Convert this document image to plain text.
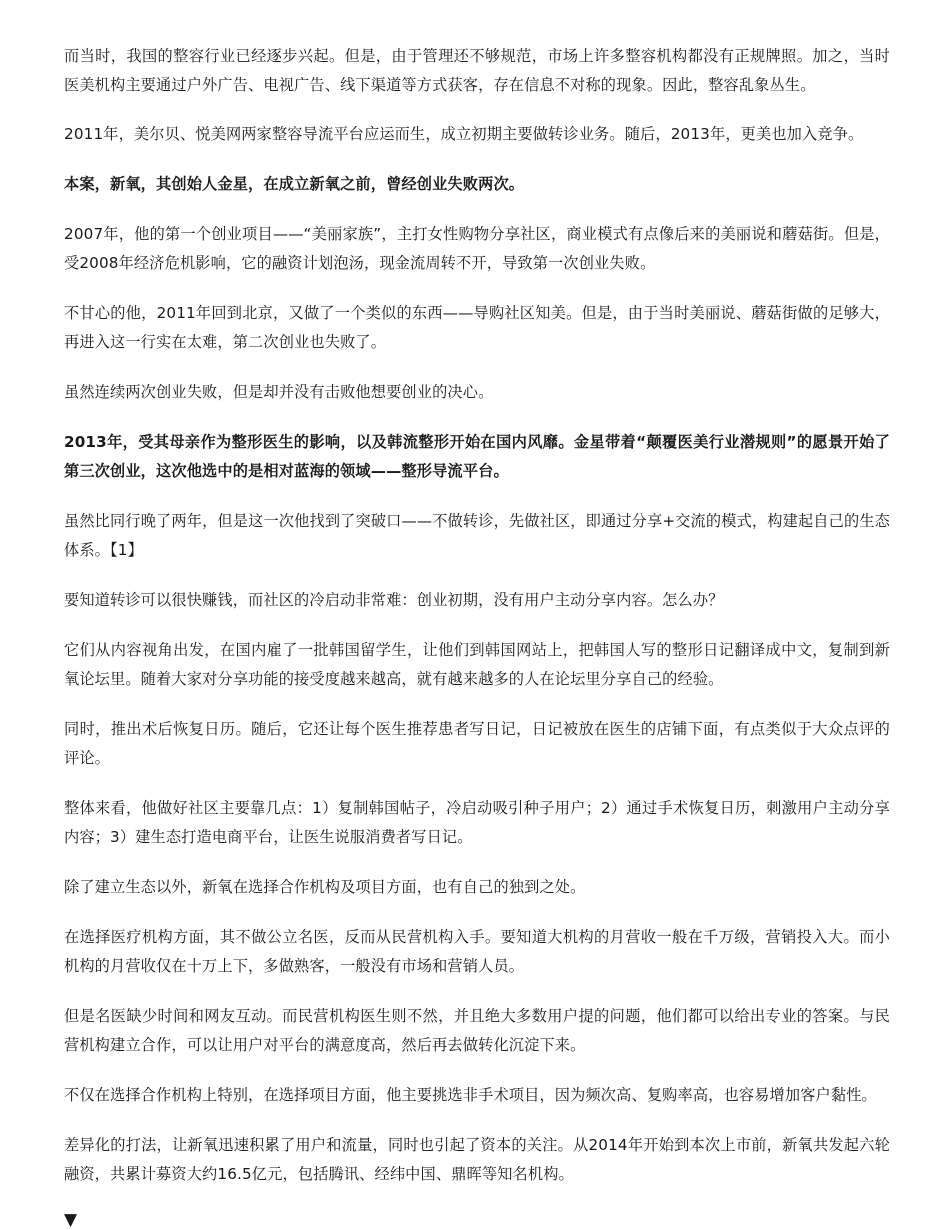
而当时，我国的整容行业已经逐步兴起。但是，由于管理还不够规范，市场上许多整容机构都没有正规牌照。加之，当时医美机构主要通过户外广告、电视广告、线下渠道等方式获客，存在信息不对称的现象。因此，整容乱象丛生。

2011年，美尔贝、悦美网两家整容导流平台应运而生，成立初期主要做转诊业务。随后，2013年，更美也加入竞争。

本案，新氧，其创始人金星，在成立新氧之前，曾经创业失败两次。

2007年，他的第一个创业项目——“美丽家族”，主打女性购物分享社区，商业模式有点像后来的美丽说和蘑菇街。但是，受2008年经济危机影响，它的融资计划泡汤，现金流周转不开，导致第一次创业失败。

不甘心的他，2011年回到北京，又做了一个类似的东西——导购社区知美。但是，由于当时美丽说、蘑菇街做的足够大，再进入这一行实在太难，第二次创业也失败了。

虽然连续两次创业失败，但是却并没有击败他想要创业的决心。

2013年，受其母亲作为整形医生的影响，以及韩流整形开始在国内风靡。金星带着“颠覆医美行业潜规则”的愿景开始了第三次创业，这次他选中的是相对蓝海的领域——整形导流平台。

虽然比同行晚了两年，但是这一次他找到了突破口——不做转诊，先做社区，即通过分享+交流的模式，构建起自己的生态体系。【1】

要知道转诊可以很快赚钱，而社区的冷启动非常难：创业初期，没有用户主动分享内容。怎么办？

它们从内容视角出发，在国内雇了一批韩国留学生，让他们到韩国网站上，把韩国人写的整形日记翻译成中文，复制到新氧论坛里。随着大家对分享功能的接受度越来越高，就有越来越多的人在论坛里分享自己的经验。

同时，推出术后恢复日历。随后，它还让每个医生推荐患者写日记，日记被放在医生的店铺下面，有点类似于大众点评的评论。

整体来看，他做好社区主要靠几点：1）复制韩国帖子，冷启动吸引种子用户；2）通过手术恢复日历，刺激用户主动分享内容；3）建生态打造电商平台，让医生说服消费者写日记。

除了建立生态以外，新氧在选择合作机构及项目方面，也有自己的独到之处。

在选择医疗机构方面，其不做公立名医，反而从民营机构入手。要知道大机构的月营收一般在千万级，营销投入大。而小机构的月营收仅在十万上下，多做熟客，一般没有市场和营销人员。

但是名医缺少时间和网友互动。而民营机构医生则不然，并且绝大多数用户提的问题，他们都可以给出专业的答案。与民营机构建立合作，可以让用户对平台的满意度高，然后再去做转化沉淀下来。

不仅在选择合作机构上特别，在选择项目方面，他主要挑选非手术项目，因为频次高、复购率高，也容易增加客户黏性。

差异化的打法，让新氧迅速积累了用户和流量，同时也引起了资本的关注。从2014年开始到本次上市前，新氧共发起六轮融资，共累计募资大约16.5亿元，包括腾讯、经纬中国、鼎晖等知名机构。

▼
